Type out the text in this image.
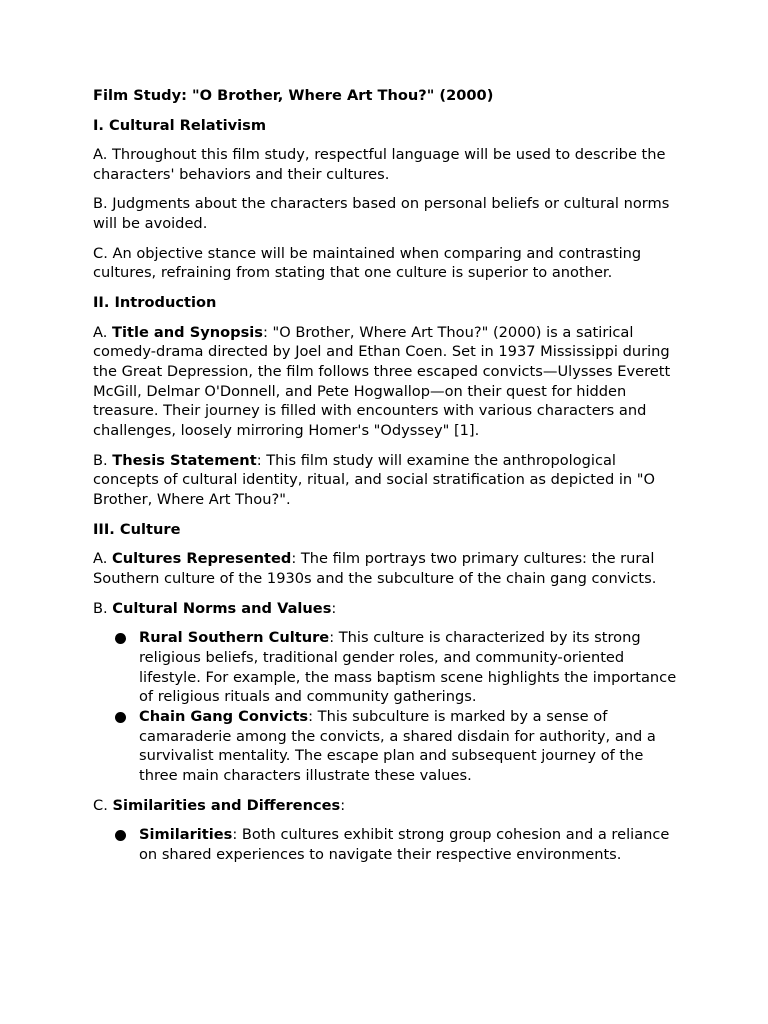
Film Study: "O Brother, Where Art Thou?" (2000)

I. Cultural Relativism

A. Throughout this film study, respectful language will be used to describe the characters' behaviors and their cultures.

B. Judgments about the characters based on personal beliefs or cultural norms will be avoided.

C. An objective stance will be maintained when comparing and contrasting cultures, refraining from stating that one culture is superior to another.

II. Introduction

A. Title and Synopsis: "O Brother, Where Art Thou?" (2000) is a satirical comedy-drama directed by Joel and Ethan Coen. Set in 1937 Mississippi during the Great Depression, the film follows three escaped convicts—Ulysses Everett McGill, Delmar O'Donnell, and Pete Hogwallop—on their quest for hidden treasure. Their journey is filled with encounters with various characters and challenges, loosely mirroring Homer's "Odyssey" [1].

B. Thesis Statement: This film study will examine the anthropological concepts of cultural identity, ritual, and social stratification as depicted in "O Brother, Where Art Thou?".

III. Culture

A. Cultures Represented: The film portrays two primary cultures: the rural Southern culture of the 1930s and the subculture of the chain gang convicts.

B. Cultural Norms and Values:

Rural Southern Culture: This culture is characterized by its strong religious beliefs, traditional gender roles, and community-oriented lifestyle. For example, the mass baptism scene highlights the importance of religious rituals and community gatherings.
Chain Gang Convicts: This subculture is marked by a sense of camaraderie among the convicts, a shared disdain for authority, and a survivalist mentality. The escape plan and subsequent journey of the three main characters illustrate these values.

C. Similarities and Differences:

Similarities: Both cultures exhibit strong group cohesion and a reliance on shared experiences to navigate their respective environments.
